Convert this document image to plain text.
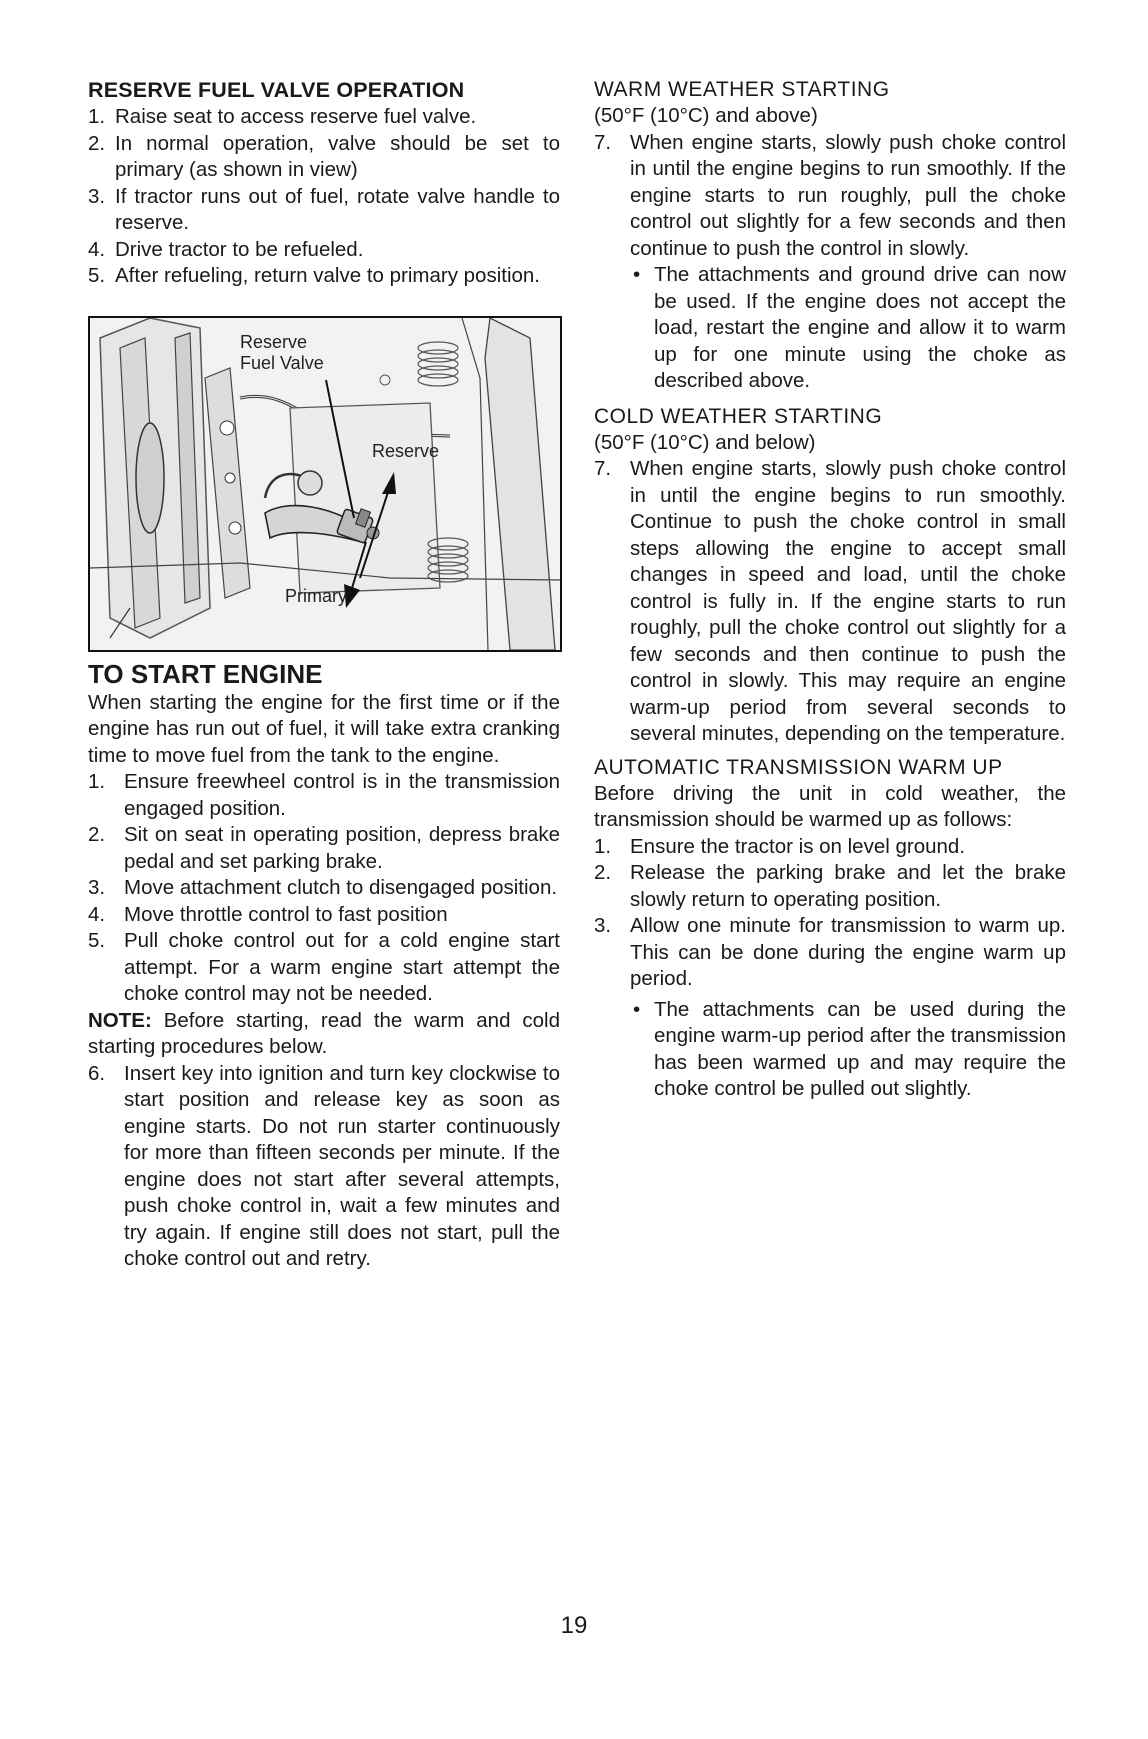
RESERVE FUEL VALVE OPERATION
1. Raise seat to access reserve fuel valve.
2. In normal operation, valve should be set to primary (as shown in view)
3. If tractor runs out of fuel, rotate valve handle to reserve.
4. Drive tractor to be refueled.
5. After refueling, return valve to primary position.
Reserve
Fuel Valve
Reserve
Primary
TO START ENGINE

When starting the engine for the first time or if the engine has run out of fuel, it will take extra cranking time to move fuel from the tank to the engine.

1. Ensure freewheel control is in the transmission engaged position.
2. Sit on seat in operating position, depress brake pedal and set parking brake.
3. Move attachment clutch to disengaged position.
4. Move throttle control to fast position
5. Pull choke control out for a cold engine start attempt. For a warm engine start attempt the choke control may not be needed.

NOTE: Before starting, read the warm and cold starting procedures below.

6. Insert key into ignition and turn key clockwise to start position and release key as soon as engine starts. Do not run starter continuously for more than fifteen seconds per minute. If the engine does not start after several attempts, push choke control in, wait a few minutes and try again. If engine still does not start, pull the choke control out and retry.
WARM WEATHER STARTING
(50°F (10°C) and above)
7. When engine starts, slowly push choke control in until the engine begins to run smoothly. If the engine starts to run roughly, pull the choke control out slightly for a few seconds and then continue to push the control in slowly.
• The attachments and ground drive can now be used. If the engine does not accept the load, restart the engine and allow it to warm up for one minute using the choke as described above.
COLD WEATHER STARTING
(50°F (10°C) and below)
7. When engine starts, slowly push choke control in until the engine begins to run smoothly. Continue to push the choke control in small steps allowing the engine to accept small changes in speed and load, until the choke control is fully in. If the engine starts to run roughly, pull the choke control out slightly for a few seconds and then continue to push the control in slowly. This may require an engine warm-up period from several seconds to several minutes, depending on the temperature.
AUTOMATIC TRANSMISSION WARM UP

Before driving the unit in cold weather, the transmission should be warmed up as follows:

1. Ensure the tractor is on level ground.
2. Release the parking brake and let the brake slowly return to operating position.
3. Allow one minute for transmission to warm up. This can be done during the engine warm up period.
• The attachments can be used during the engine warm-up period after the transmission has been warmed up and may require the choke control be pulled out slightly.
19
